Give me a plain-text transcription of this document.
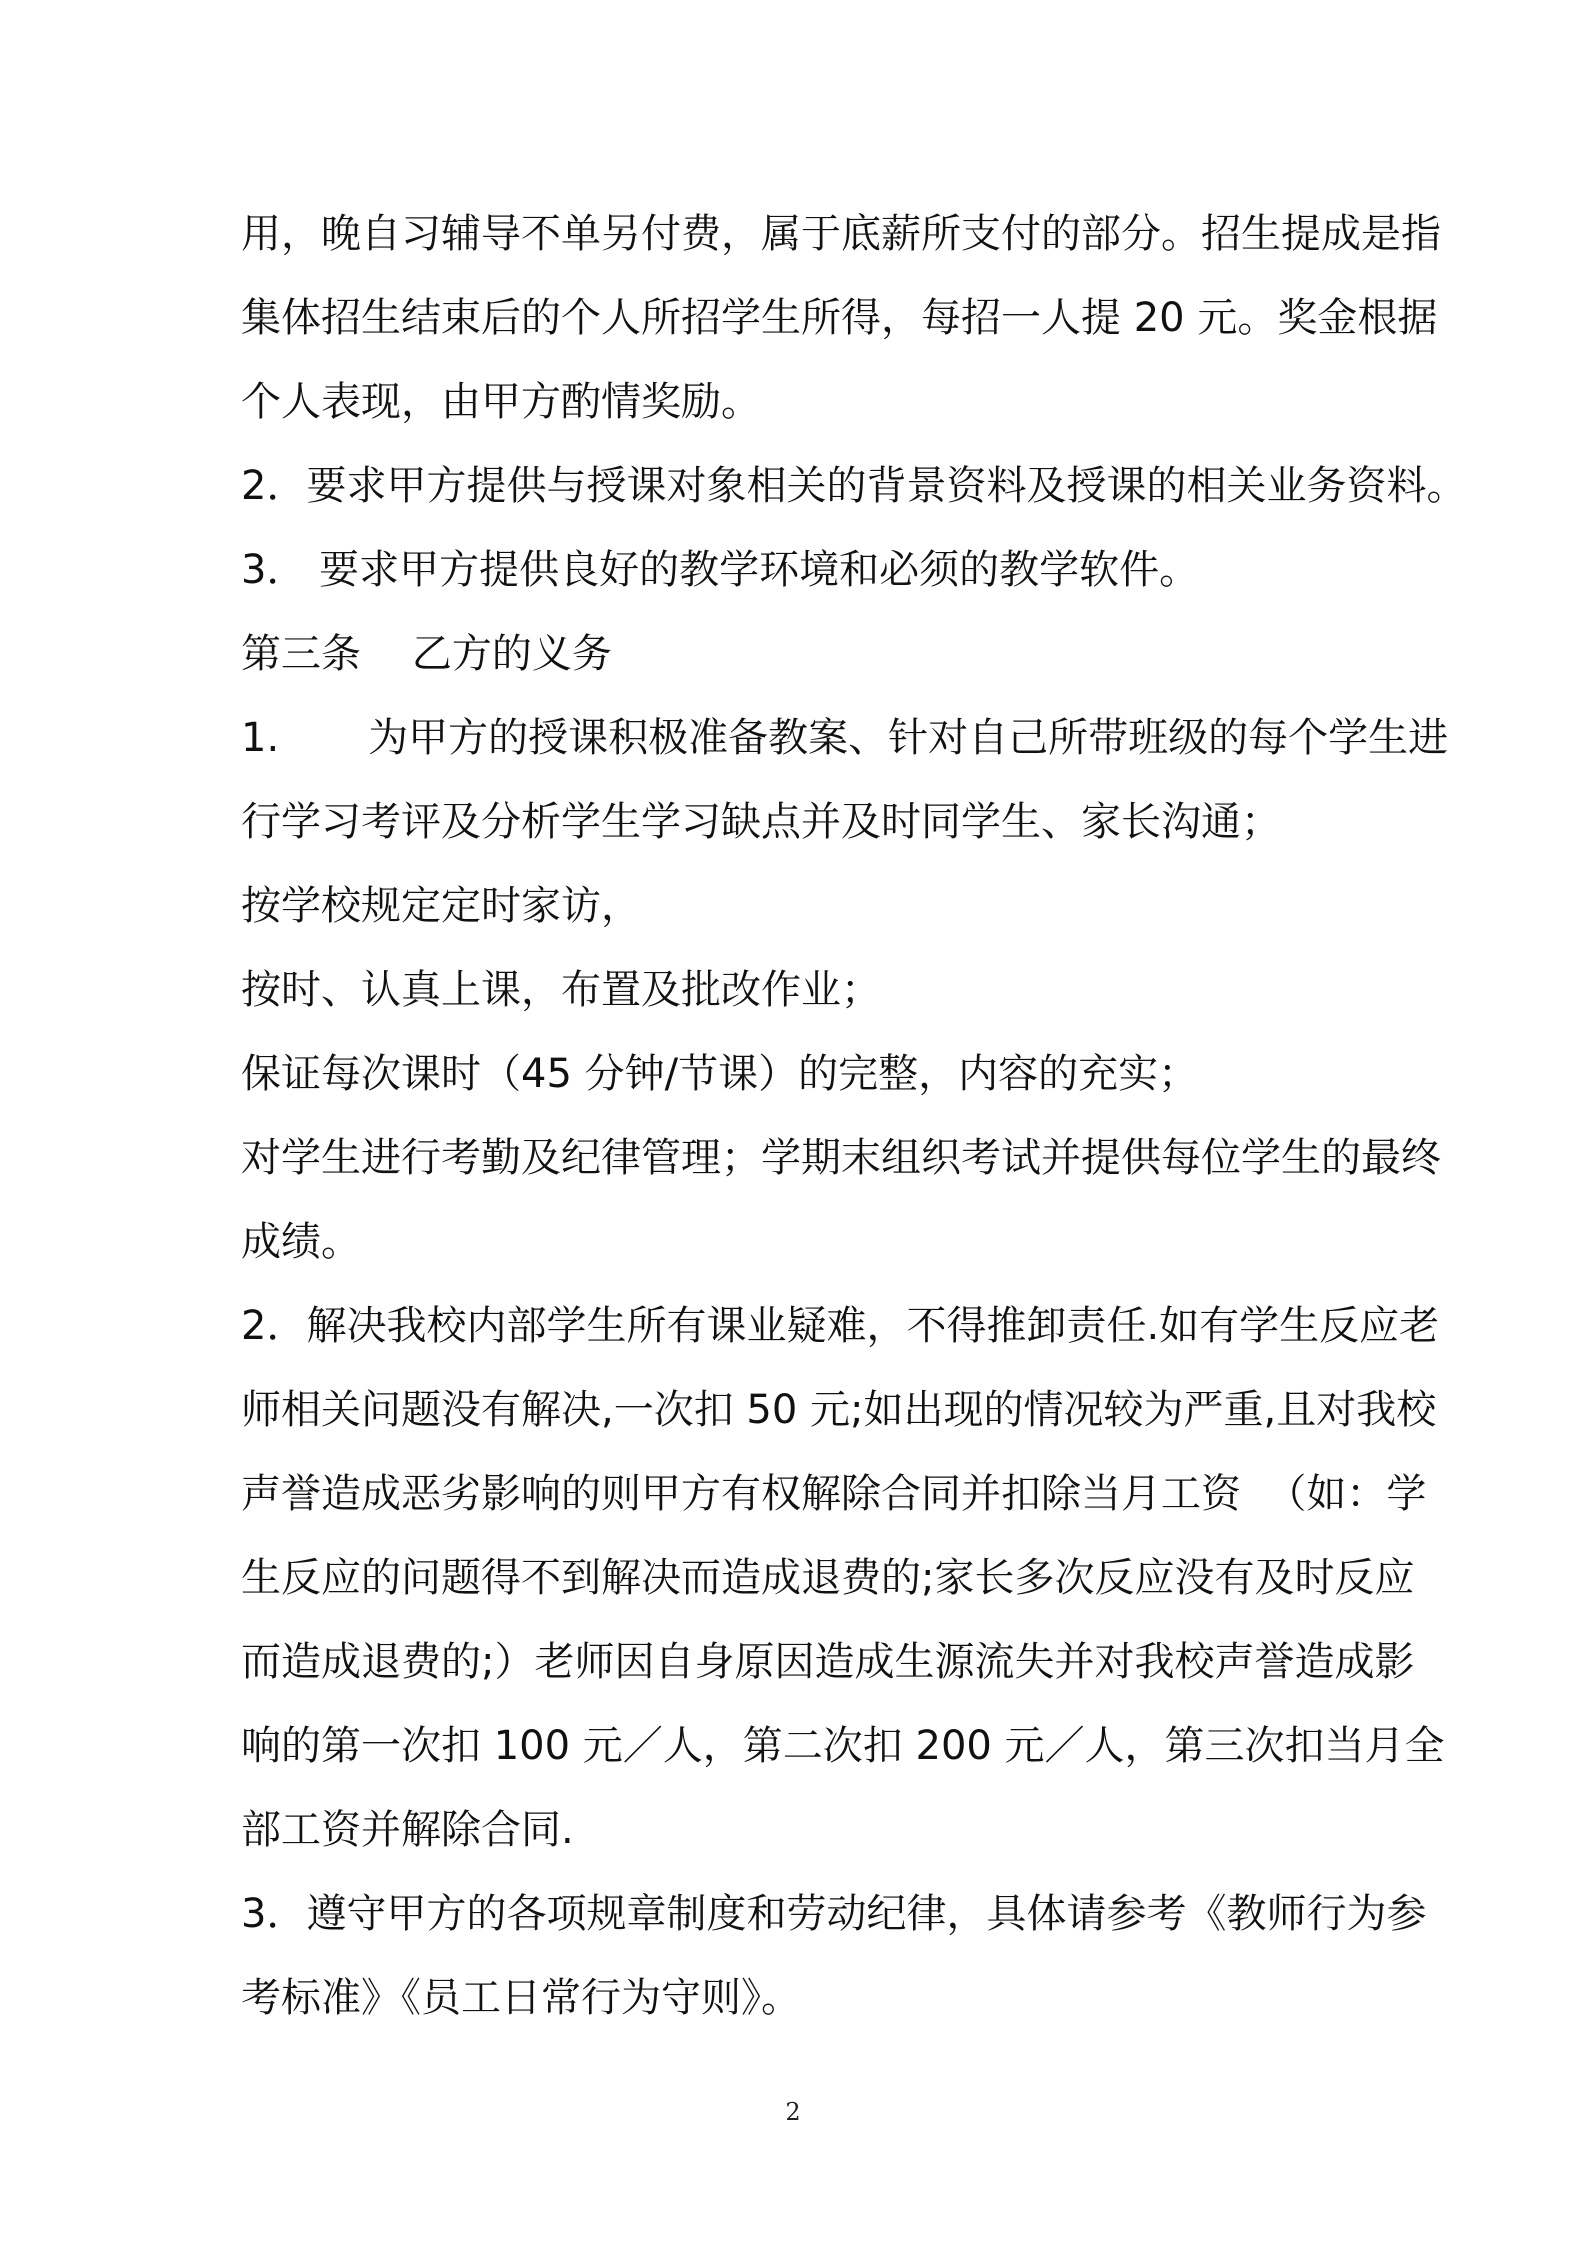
用，晚自习辅导不单另付费，属于底薪所支付的部分。招生提成是指
集体招生结束后的个人所招学生所得，每招一人提 20 元。奖金根据
个人表现，由甲方酌情奖励。
2．要求甲方提供与授课对象相关的背景资料及授课的相关业务资料。
3． 要求甲方提供良好的教学环境和必须的教学软件。
第三条    乙方的义务
1.       为甲方的授课积极准备教案、针对自己所带班级的每个学生进
行学习考评及分析学生学习缺点并及时同学生、家长沟通；
按学校规定定时家访，
按时、认真上课，布置及批改作业；
保证每次课时（45 分钟/节课）的完整，内容的充实；
对学生进行考勤及纪律管理；学期末组织考试并提供每位学生的最终
成绩。
2．解决我校内部学生所有课业疑难，不得推卸责任.如有学生反应老
师相关问题没有解决,一次扣 50 元;如出现的情况较为严重,且对我校
声誉造成恶劣影响的则甲方有权解除合同并扣除当月工资  （如：学
生反应的问题得不到解决而造成退费的;家长多次反应没有及时反应
而造成退费的;）老师因自身原因造成生源流失并对我校声誉造成影
响的第一次扣 100 元／人，第二次扣 200 元／人，第三次扣当月全
部工资并解除合同.
3．遵守甲方的各项规章制度和劳动纪律，具体请参考《教师行为参
考标准》《员工日常行为守则》。
2
